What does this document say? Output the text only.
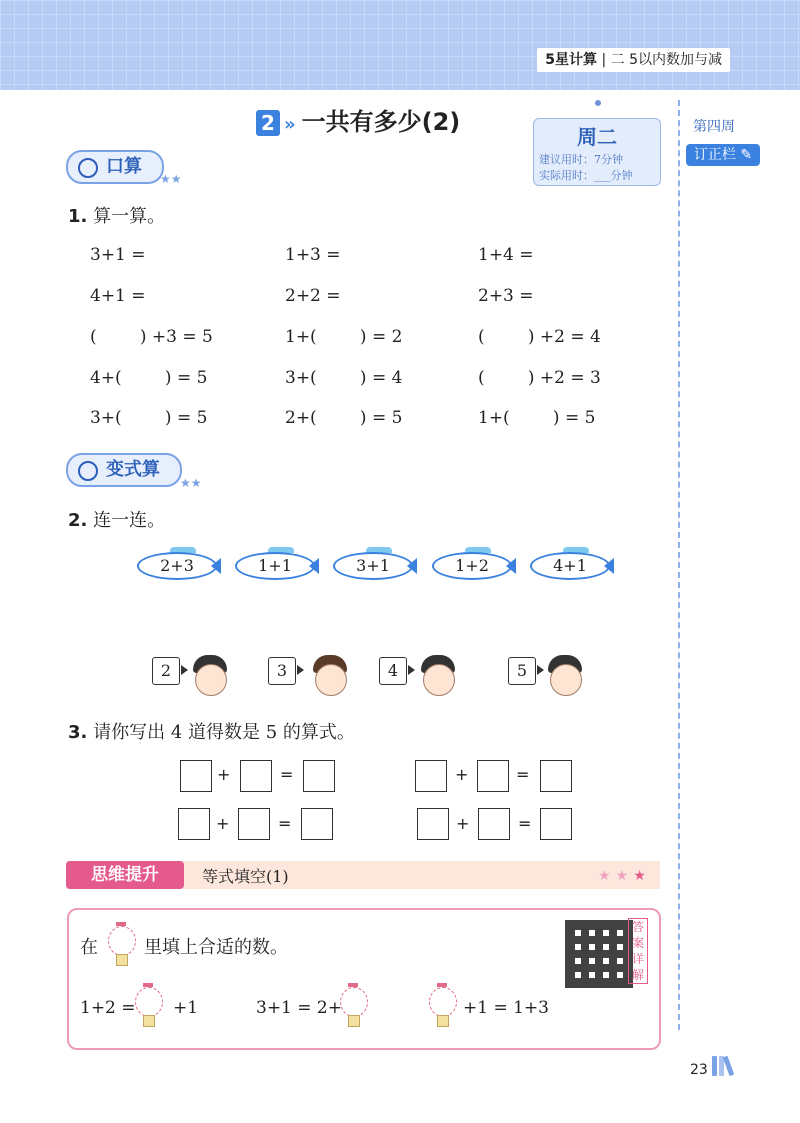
5星计算 | 二 5以内数加与减
2 » 一共有多少(2)
周二
建议用时：7分钟
实际用时：___分钟
第四周
订正栏 ✎
口算
★★
1. 算一算。
3+1 =	1+3 =	1+4 =
4+1 =	2+2 =	2+3 =
(        ) +3 = 5	1+(        ) = 2	(        ) +2 = 4
4+(        ) = 5	3+(        ) = 4	(        ) +2 = 3
3+(        ) = 5	2+(        ) = 5	1+(        ) = 5
变式算
★★
2. 连一连。
2+3	1+1	3+1	1+2	4+1
2	3	4	5
3. 请你写出 4 道得数是 5 的算式。
+	=	+	=
+	=	+	=
思维提升	等式填空(1)	★ ★ ★
在	里填上合适的数。
答案详解
1+2 = +1	3+1 = 2+	+1 = 1+3
23
